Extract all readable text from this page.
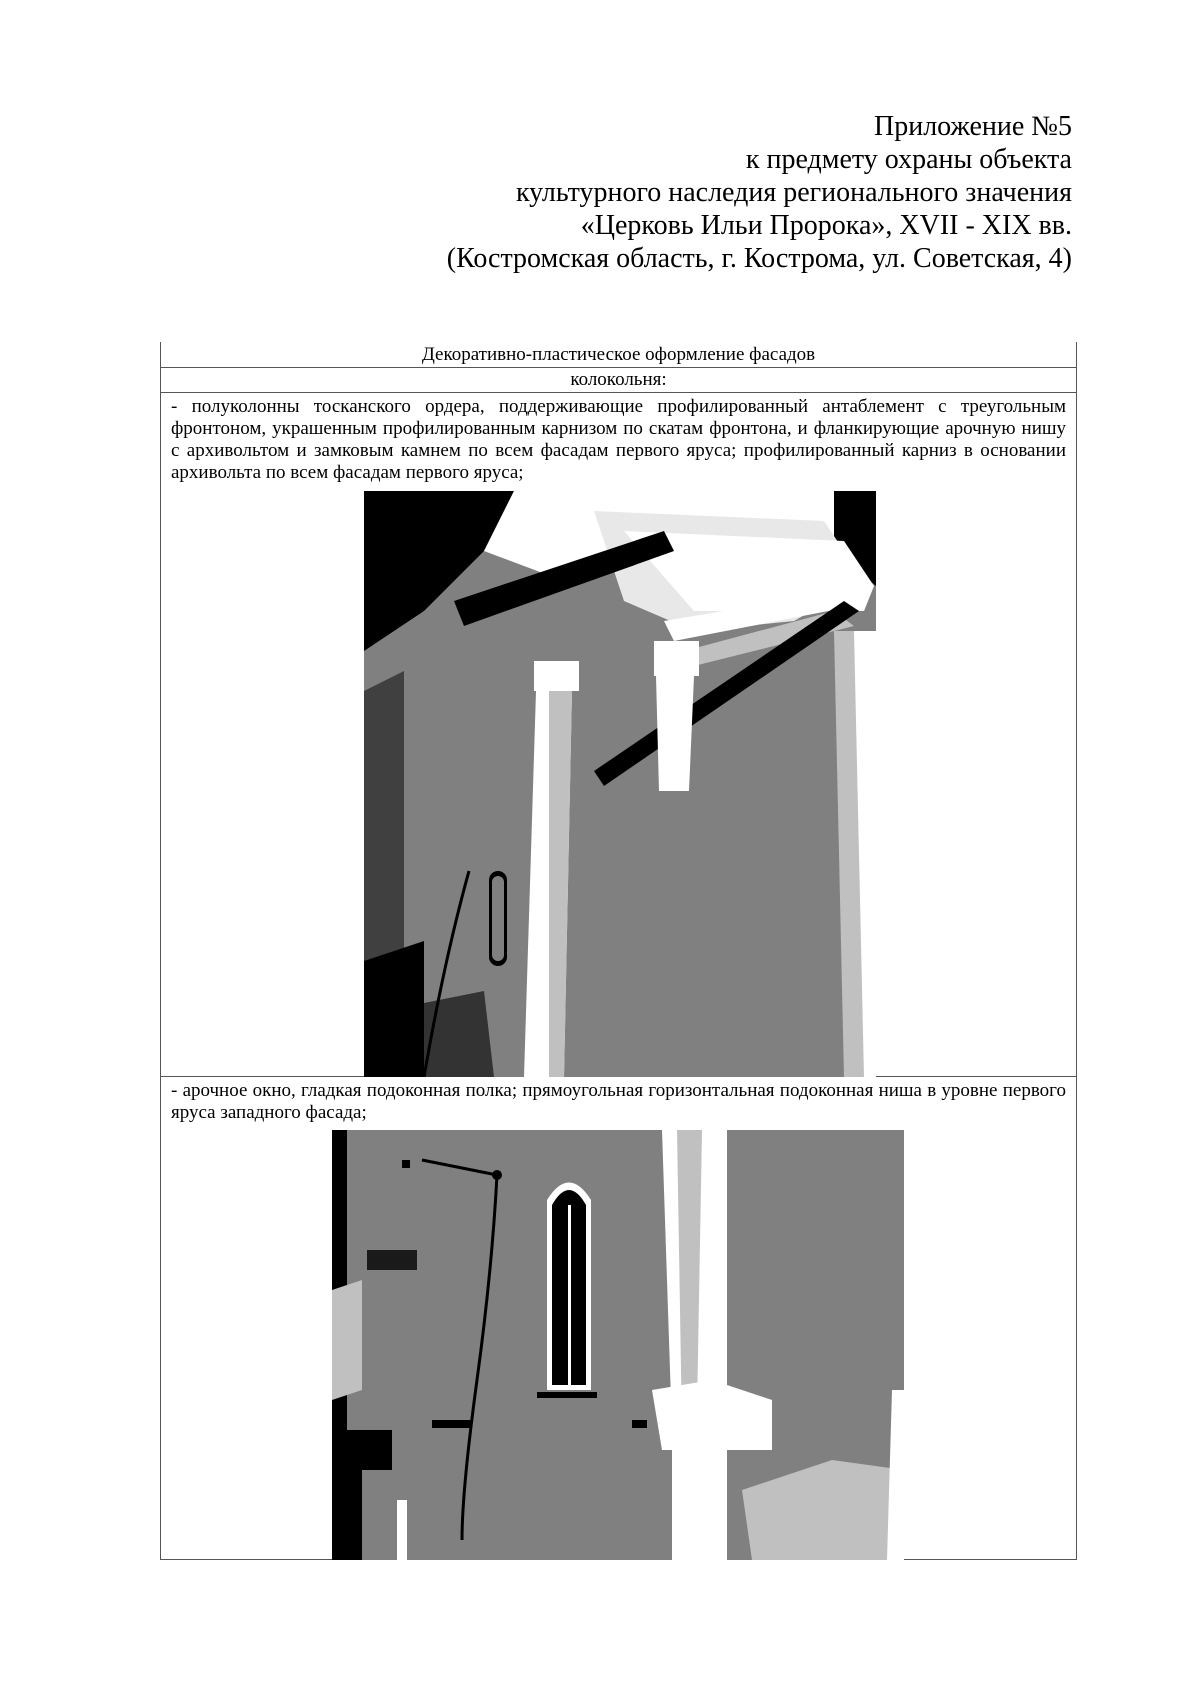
Приложение №5
к предмету охраны объекта
культурного наследия регионального значения
«Церковь Ильи Пророка», XVII - XIX вв.
(Костромская область, г. Кострома, ул. Советская, 4)
Декоративно-пластическое оформление фасадов
колокольня:

- полуколонны тосканского ордера, поддерживающие профилированный антаблемент с треугольным фронтоном, украшенным профилированным карнизом по скатам фронтона, и фланкирующие арочную нишу с архивольтом и замковым камнем по всем фасадам первого яруса; профилированный карниз в основании архивольта по всем фасадам первого яруса;

- арочное окно, гладкая подоконная полка; прямоугольная горизонтальная подоконная ниша в уровне первого яруса западного фасада;
